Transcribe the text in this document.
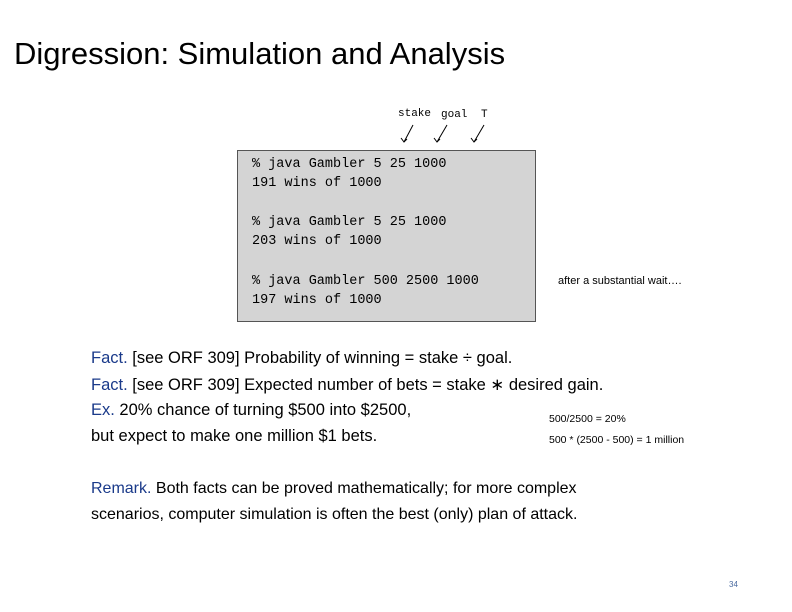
Digression: Simulation and Analysis
stake goal T
% java Gambler 5 25 1000
191 wins of 1000
% java Gambler 5 25 1000
203 wins of 1000
% java Gambler 500 2500 1000
197 wins of 1000
after a substantial wait….
Fact. [see ORF 309] Probability of winning = stake ÷ goal.
Fact. [see ORF 309] Expected number of bets = stake ∗ desired gain.
Ex. 20% chance of turning $500 into $2500,
but expect to make one million $1 bets.
500/2500 = 20%
500 * (2500 - 500) = 1 million
Remark. Both facts can be proved mathematically; for more complex
scenarios, computer simulation is often the best (only) plan of attack.
34
